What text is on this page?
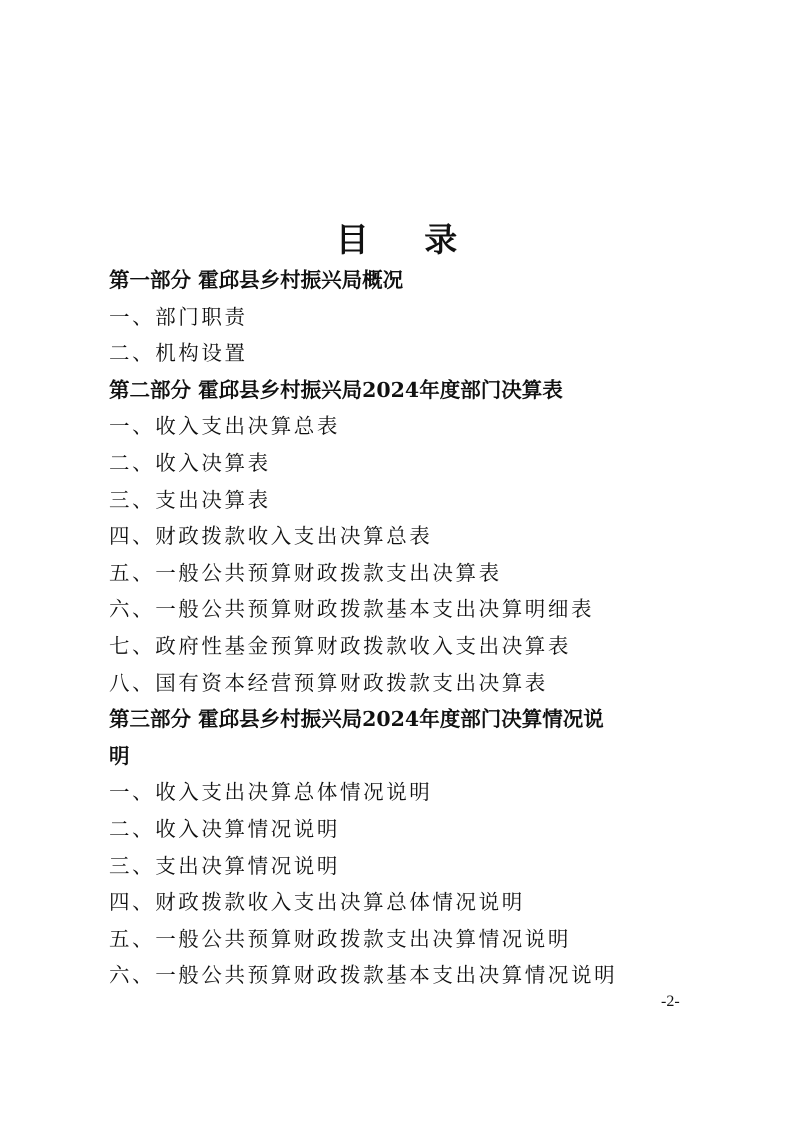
目 录
第一部分 霍邱县乡村振兴局概况
一、部门职责
二、机构设置
第二部分 霍邱县乡村振兴局2024年度部门决算表
一、收入支出决算总表
二、收入决算表
三、支出决算表
四、财政拨款收入支出决算总表
五、一般公共预算财政拨款支出决算表
六、一般公共预算财政拨款基本支出决算明细表
七、政府性基金预算财政拨款收入支出决算表
八、国有资本经营预算财政拨款支出决算表
第三部分 霍邱县乡村振兴局2024年度部门决算情况说
明
一、收入支出决算总体情况说明
二、收入决算情况说明
三、支出决算情况说明
四、财政拨款收入支出决算总体情况说明
五、一般公共预算财政拨款支出决算情况说明
六、一般公共预算财政拨款基本支出决算情况说明
-2-
